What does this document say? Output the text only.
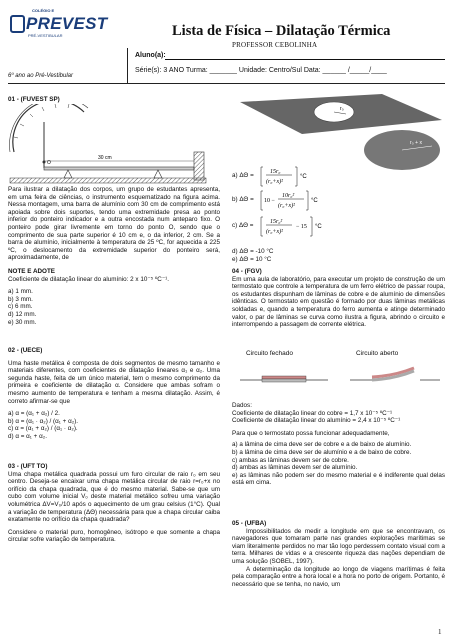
COLÉGIO E
PREVEST
PRÉ-VESTIBULAR	Lista de Física – Dilatação Térmica
PROFESSOR CEBOLINHA
Aluno(a):
Série(s): 3 ANO Turma: _______ Unidade: Centro/Sul Data: ______ /_____/____
6º ano ao Pré-Vestibular

01 - (FUVEST SP)

O
30 cm

Para ilustrar a dilatação dos corpos, um grupo de estudantes apresenta, em uma feira de ciências, o instrumento esquematizado na figura acima. Nessa montagem, uma barra de alumínio com 30 cm de comprimento está apoiada sobre dois suportes, tendo uma extremidade presa ao ponto inferior do ponteiro indicador e a outra encostada num anteparo fixo. O ponteiro pode girar livremente em torno do ponto O, sendo que o comprimento de sua parte superior é 10 cm e, o da inferior, 2 cm. Se a barra de alumínio, inicialmente à temperatura de 25 ºC, for aquecida a 225 ºC, o deslocamento da extremidade superior do ponteiro será, aproximadamente, de

NOTE E ADOTE

Coeficiente de dilatação linear do alumínio: 2 x 10⁻⁵ ºC⁻¹.

a) 1 mm.
b) 3 mm.
c) 6 mm.
d) 12 mm.
e) 30 mm.

02 - (UECE)

Uma haste metálica é composta de dois segmentos de mesmo tamanho e materiais diferentes, com coeficientes de dilatação lineares α₁ e α₂. Uma segunda haste, feita de um único material, tem o mesmo comprimento da primeira e coeficiente de dilatação α. Considere que ambas sofram o mesmo aumento de temperatura e tenham a mesma dilatação. Assim, é correto afirmar-se que

a) α = (α₁ + α₂) / 2.
b) α = (α₁ · α₂) / (α₁ + α₂).
c) α = (α₁ + α₂) / (α₁ · α₂).
d) α = α₁ + α₂.

03 - (UFT TO)

Uma chapa metálica quadrada possui um furo circular de raio r₀ em seu centro. Deseja-se encaixar uma chapa metálica circular de raio r=r₀+x no orifício da chapa quadrada, que é do mesmo material. Sabe-se que um cubo com volume inicial V₀ deste material metálico sofreu uma variação volumétrica ΔV=V₀/10 após o aquecimento de um grau celsius (1°C). Qual a variação de temperatura (ΔΘ) necessária para que a chapa circular caiba exatamente no orifício da chapa quadrada?

Considere o material puro, homogêneo, isótropo e que somente a chapa circular sofre variação de temperatura.

r₀
r₀ + x
a) ΔΘ =	15r₀
(r₀+x)²
°C
b) ΔΘ = 10 −
10r₀²
(r₀+x)²
°C
c) ΔΘ =	15r₀²
(r₀+x)²
− 15 °C
d) ΔΘ = -10 °C
e) ΔΘ = 10 °C

04 - (FGV)

Em uma aula de laboratório, para executar um projeto de construção de um termostato que controle a temperatura de um ferro elétrico de passar roupa, os estudantes dispunham de lâminas de cobre e de alumínio de dimensões idênticas. O termostato em questão é formado por duas lâminas metálicas soldadas e, quando a temperatura do ferro aumenta e atinge determinado valor, o par de lâminas se curva como ilustra a figura, abrindo o circuito e interrompendo a passagem de corrente elétrica.

Circuito fechado	Circuito aberto

Dados:

Coeficiente de dilatação linear do cobre = 1,7 x 10⁻⁵ ºC⁻¹

Coeficiente de dilatação linear do alumínio = 2,4 x 10⁻⁵ ºC⁻¹

Para que o termostato possa funcionar adequadamente,

a) a lâmina de cima deve ser de cobre e a de baixo de alumínio.
b) a lâmina de cima deve ser de alumínio e a de baixo de cobre.
c) ambas as lâminas devem ser de cobre.
d) ambas as lâminas devem ser de alumínio.
e) as lâminas não podem ser do mesmo material e é indiferente qual delas está em cima.

05 - (UFBA)

Impossibilitados de medir a longitude em que se encontravam, os navegadores que tomaram parte nas grandes explorações marítimas se viam literalmente perdidos no mar tão logo perdessem contato visual com a terra. Milhares de vidas e a crescente riqueza das nações dependiam de uma solução (SOBEL, 1997).

A determinação da longitude ao longo de viagens marítimas é feita pela comparação entre a hora local e a hora no porto de origem. Portanto, é necessário que se tenha, no navio, um

1
